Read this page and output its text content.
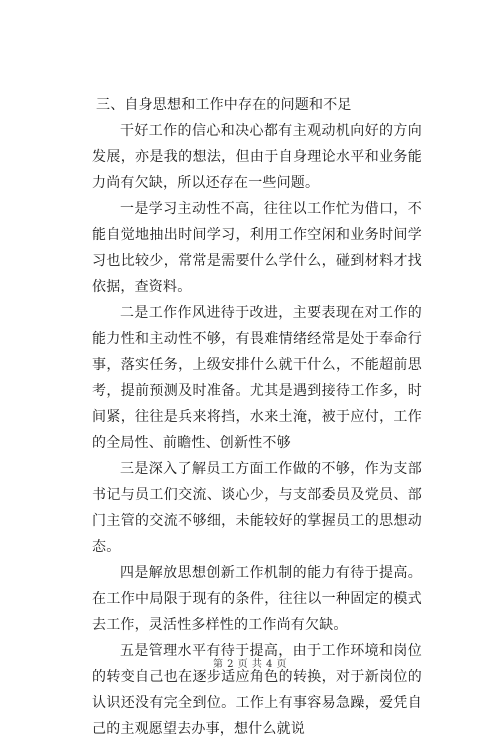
三、自身思想和工作中存在的问题和不足

干好工作的信心和决心都有主观动机向好的方向发展，亦是我的想法，但由于自身理论水平和业务能力尚有欠缺，所以还存在一些问题。

一是学习主动性不高，往往以工作忙为借口，不能自觉地抽出时间学习，利用工作空闲和业务时间学习也比较少，常常是需要什么学什么，碰到材料才找依据，查资料。

二是工作作风进待于改进，主要表现在对工作的能力性和主动性不够，有畏难情绪经常是处于奉命行事，落实任务，上级安排什么就干什么，不能超前思考，提前预测及时准备。尤其是遇到接待工作多，时间紧，往往是兵来将挡，水来土淹，被于应付，工作的全局性、前瞻性、创新性不够

三是深入了解员工方面工作做的不够，作为支部书记与员工们交流、谈心少，与支部委员及党员、部门主管的交流不够细，未能较好的掌握员工的思想动态。

四是解放思想创新工作机制的能力有待于提高。在工作中局限于现有的条件，往往以一种固定的模式去工作，灵活性多样性的工作尚有欠缺。

五是管理水平有待于提高，由于工作环境和岗位的转变自己也在逐步适应角色的转换，对于新岗位的认识还没有完全到位。工作上有事容易急躁，爱凭自己的主观愿望去办事，想什么就说

第 2 页 共 4 页
